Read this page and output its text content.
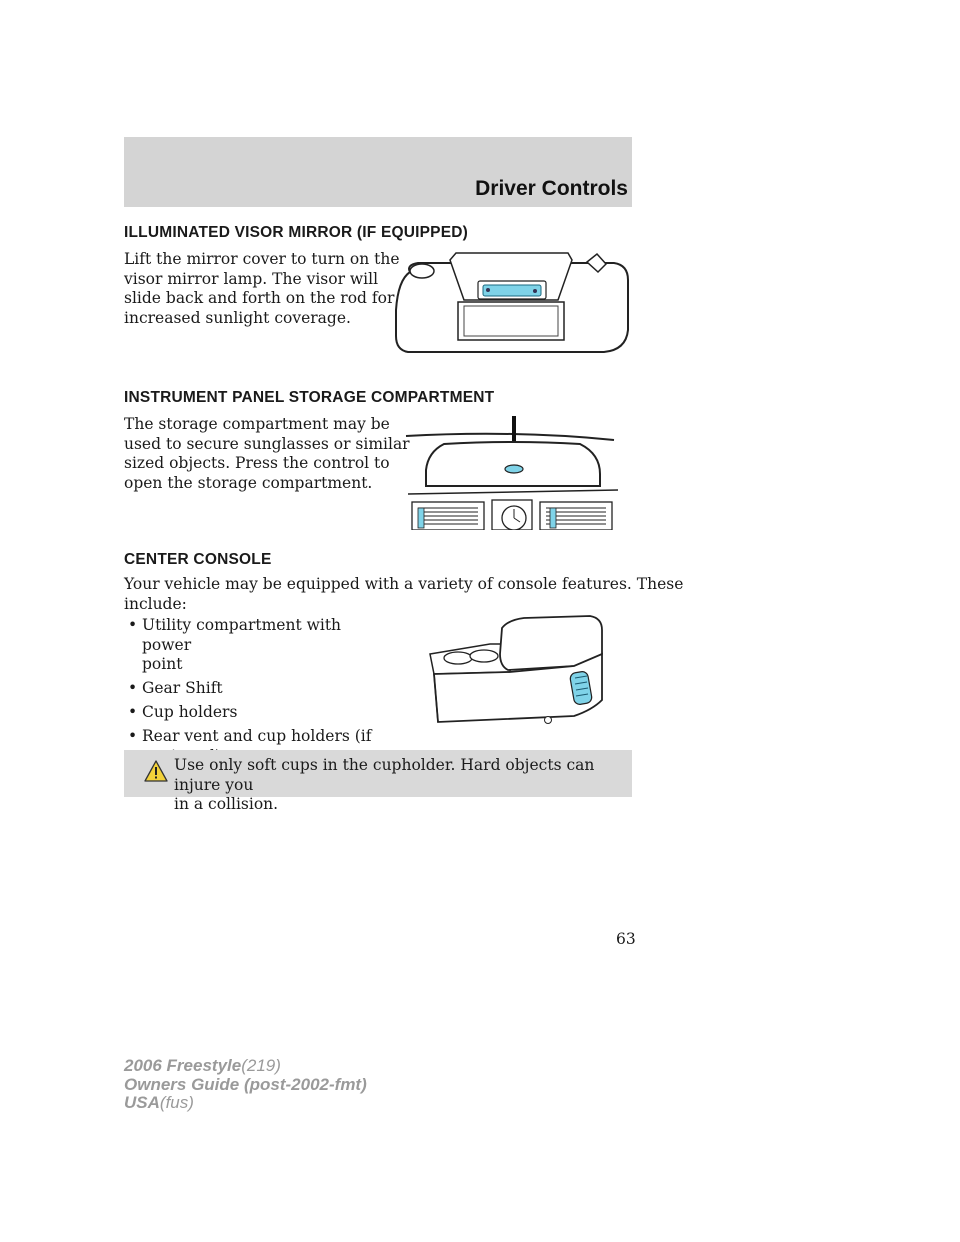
Driver Controls
ILLUMINATED VISOR MIRROR (IF EQUIPPED)
Lift the mirror cover to turn on the
visor mirror lamp. The visor will
slide back and forth on the rod for
increased sunlight coverage.
INSTRUMENT PANEL STORAGE COMPARTMENT
The storage compartment may be
used to secure sunglasses or similar
sized objects. Press the control to
open the storage compartment.
CENTER CONSOLE
Your vehicle may be equipped with a variety of console features. These
include:
• Utility compartment with power
point
• Gear Shift
• Cup holders
• Rear vent and cup holders (if
Use only soft cups in the cupholder. Hard objects can injure you
in a collision.
63
2006 Freestyle(219)
Owners Guide (post-2002-fmt)
USA(fus)
